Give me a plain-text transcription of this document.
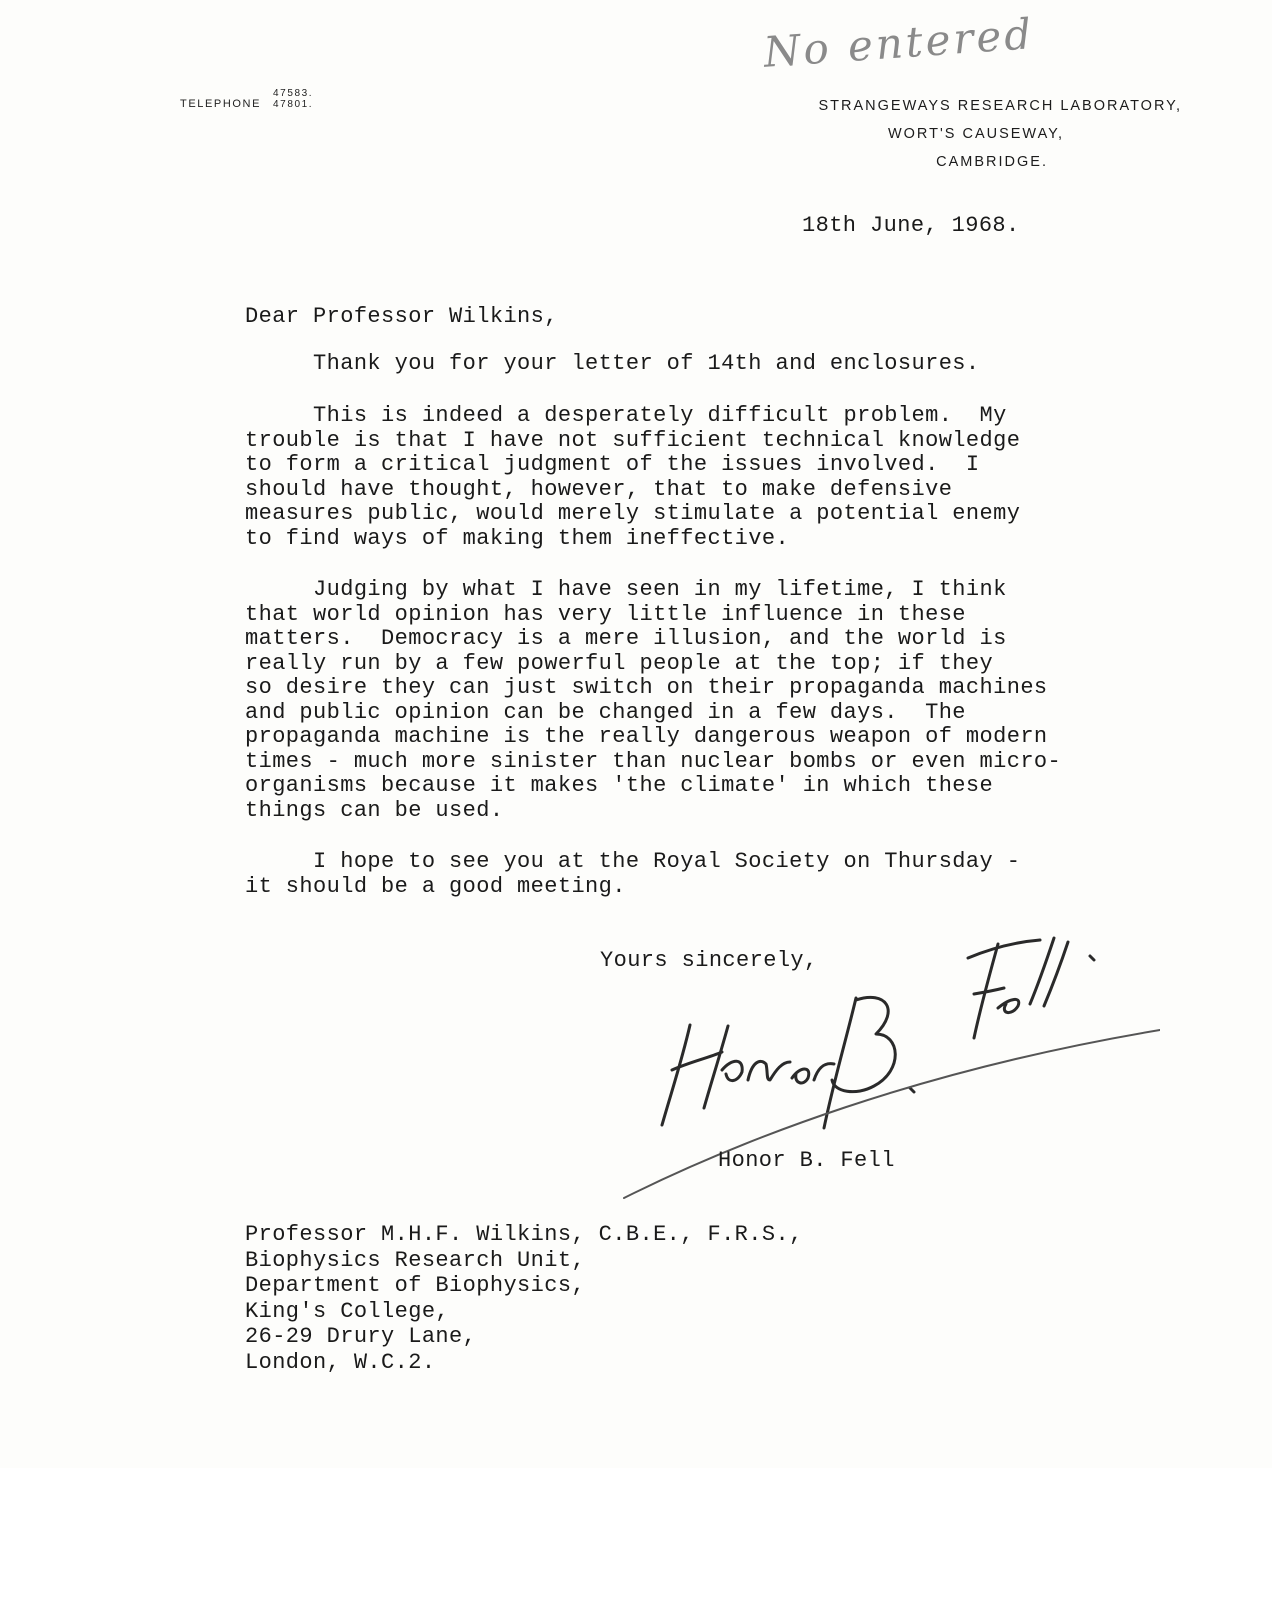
No entered
TELEPHONE
47583.
47801.	STRANGEWAYS RESEARCH LABORATORY,
WORT'S CAUSEWAY,
CAMBRIDGE.
18th June, 1968.
Dear Professor Wilkins,
Thank you for your letter of 14th and enclosures.
This is indeed a desperately difficult problem.  My
trouble is that I have not sufficient technical knowledge
to form a critical judgment of the issues involved.  I
should have thought, however, that to make defensive
measures public, would merely stimulate a potential enemy
to find ways of making them ineffective.
Judging by what I have seen in my lifetime, I think
that world opinion has very little influence in these
matters.  Democracy is a mere illusion, and the world is
really run by a few powerful people at the top; if they
so desire they can just switch on their propaganda machines
and public opinion can be changed in a few days.  The
propaganda machine is the really dangerous weapon of modern
times - much more sinister than nuclear bombs or even micro-
organisms because it makes 'the climate' in which these
things can be used.
I hope to see you at the Royal Society on Thursday -
it should be a good meeting.
Yours sincerely,
Honor B. Fell
Honor B. Fell
Professor M.H.F. Wilkins, C.B.E., F.R.S.,
Biophysics Research Unit,
Department of Biophysics,
King's College,
26-29 Drury Lane,
London, W.C.2.
